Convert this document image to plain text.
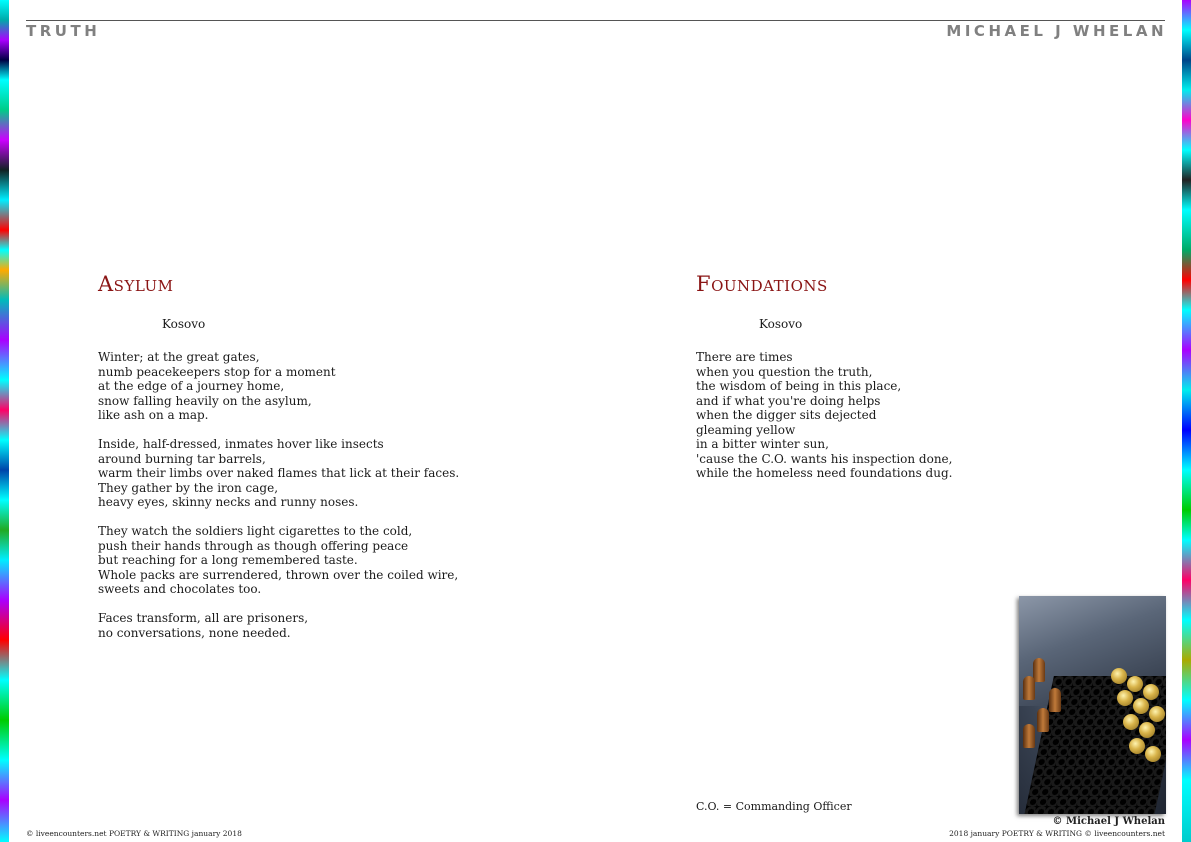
TRUTH	MICHAEL J WHELAN
Asylum
Kosovo

Winter; at the great gates,
numb peacekeepers stop for a moment
at the edge of a journey home,
snow falling heavily on the asylum,
like ash on a map.

Inside, half-dressed, inmates hover like insects
around burning tar barrels,
warm their limbs over naked flames that lick at their faces.
They gather by the iron cage,
heavy eyes, skinny necks and runny noses.

They watch the soldiers light cigarettes to the cold,
push their hands through as though offering peace
but reaching for a long remembered taste.
Whole packs are surrendered, thrown over the coiled wire,
sweets and chocolates too.

Faces transform, all are prisoners,
no conversations, none needed.

Foundations
Kosovo

There are times
when you question the truth,
the wisdom of being in this place,
and if what you're doing helps
when the digger sits dejected
gleaming yellow
in a bitter winter sun,
'cause the C.O. wants his inspection done,
while the homeless need foundations dug.

C.O. = Commanding Officer
© Michael J Whelan
© liveencounters.net POETRY & WRITING january 2018	2018 january POETRY & WRITING © liveencounters.net
